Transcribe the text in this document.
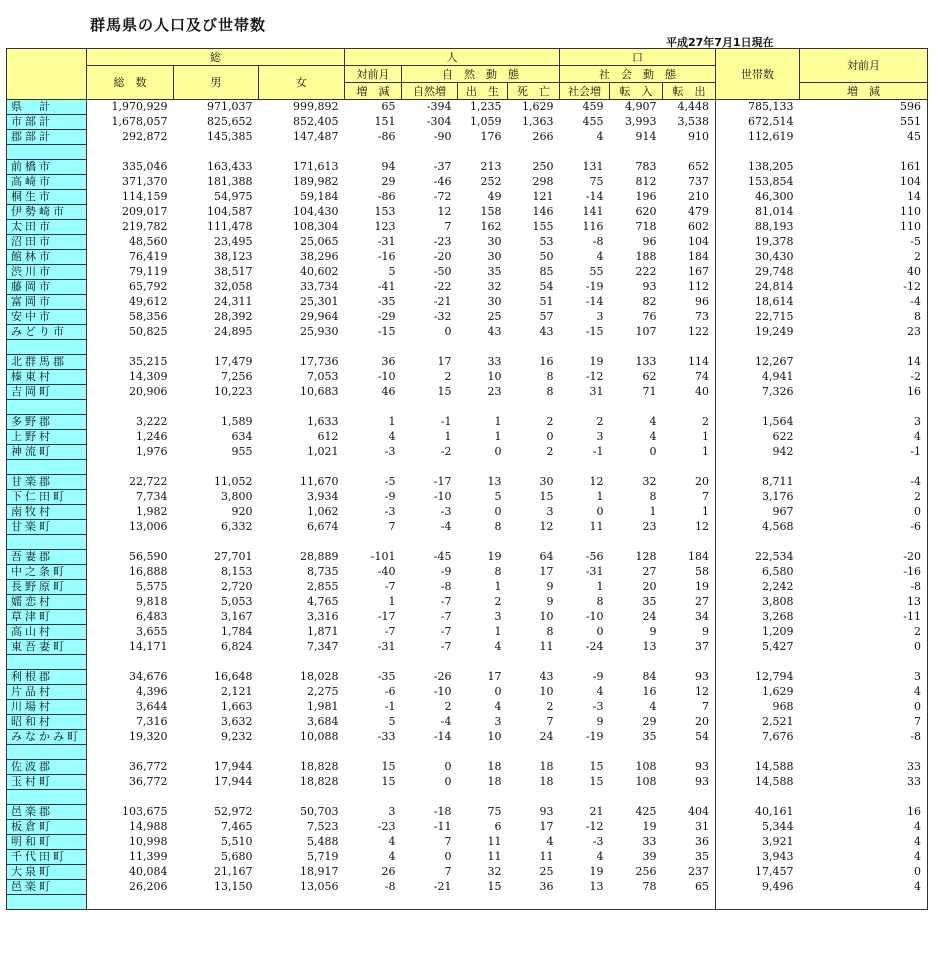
群馬県の人口及び世帯数
平成27年7月1日現在
	総			人				口			世帯数	対前月
	総　数	男	女	対前月	自　然　動　態			社　会　動　態				
				増　減	自然増	出　生	死　亡	社会増	転　入	転　出		増　減
県　計	1,970,929	971,037	999,892	65	-394	1,235	1,629	459	4,907	4,448	785,133	596
市部計	1,678,057	825,652	852,405	151	-304	1,059	1,363	455	3,993	3,538	672,514	551
郡部計	292,872	145,385	147,487	-86	-90	176	266	4	914	910	112,619	45

前橋市	335,046	163,433	171,613	94	-37	213	250	131	783	652	138,205	161
高崎市	371,370	181,388	189,982	29	-46	252	298	75	812	737	153,854	104
桐生市	114,159	54,975	59,184	-86	-72	49	121	-14	196	210	46,300	14
伊勢崎市	209,017	104,587	104,430	153	12	158	146	141	620	479	81,014	110
太田市	219,782	111,478	108,304	123	7	162	155	116	718	602	88,193	110
沼田市	48,560	23,495	25,065	-31	-23	30	53	-8	96	104	19,378	-5
館林市	76,419	38,123	38,296	-16	-20	30	50	4	188	184	30,430	2
渋川市	79,119	38,517	40,602	5	-50	35	85	55	222	167	29,748	40
藤岡市	65,792	32,058	33,734	-41	-22	32	54	-19	93	112	24,814	-12
富岡市	49,612	24,311	25,301	-35	-21	30	51	-14	82	96	18,614	-4
安中市	58,356	28,392	29,964	-29	-32	25	57	3	76	73	22,715	8
みどり市	50,825	24,895	25,930	-15	0	43	43	-15	107	122	19,249	23

北群馬郡	35,215	17,479	17,736	36	17	33	16	19	133	114	12,267	14
榛東村	14,309	7,256	7,053	-10	2	10	8	-12	62	74	4,941	-2
吉岡町	20,906	10,223	10,683	46	15	23	8	31	71	40	7,326	16

多野郡	3,222	1,589	1,633	1	-1	1	2	2	4	2	1,564	3
上野村	1,246	634	612	4	1	1	0	3	4	1	622	4
神流町	1,976	955	1,021	-3	-2	0	2	-1	0	1	942	-1

甘楽郡	22,722	11,052	11,670	-5	-17	13	30	12	32	20	8,711	-4
下仁田町	7,734	3,800	3,934	-9	-10	5	15	1	8	7	3,176	2
南牧村	1,982	920	1,062	-3	-3	0	3	0	1	1	967	0
甘楽町	13,006	6,332	6,674	7	-4	8	12	11	23	12	4,568	-6

吾妻郡	56,590	27,701	28,889	-101	-45	19	64	-56	128	184	22,534	-20
中之条町	16,888	8,153	8,735	-40	-9	8	17	-31	27	58	6,580	-16
長野原町	5,575	2,720	2,855	-7	-8	1	9	1	20	19	2,242	-8
嬬恋村	9,818	5,053	4,765	1	-7	2	9	8	35	27	3,808	13
草津町	6,483	3,167	3,316	-17	-7	3	10	-10	24	34	3,268	-11
高山村	3,655	1,784	1,871	-7	-7	1	8	0	9	9	1,209	2
東吾妻町	14,171	6,824	7,347	-31	-7	4	11	-24	13	37	5,427	0

利根郡	34,676	16,648	18,028	-35	-26	17	43	-9	84	93	12,794	3
片品村	4,396	2,121	2,275	-6	-10	0	10	4	16	12	1,629	4
川場村	3,644	1,663	1,981	-1	2	4	2	-3	4	7	968	0
昭和村	7,316	3,632	3,684	5	-4	3	7	9	29	20	2,521	7
みなかみ町	19,320	9,232	10,088	-33	-14	10	24	-19	35	54	7,676	-8

佐波郡	36,772	17,944	18,828	15	0	18	18	15	108	93	14,588	33
玉村町	36,772	17,944	18,828	15	0	18	18	15	108	93	14,588	33

邑楽郡	103,675	52,972	50,703	3	-18	75	93	21	425	404	40,161	16
板倉町	14,988	7,465	7,523	-23	-11	6	17	-12	19	31	5,344	4
明和町	10,998	5,510	5,488	4	7	11	4	-3	33	36	3,921	4
千代田町	11,399	5,680	5,719	4	0	11	11	4	39	35	3,943	4
大泉町	40,084	21,167	18,917	26	7	32	25	19	256	237	17,457	0
邑楽町	26,206	13,150	13,056	-8	-21	15	36	13	78	65	9,496	4
